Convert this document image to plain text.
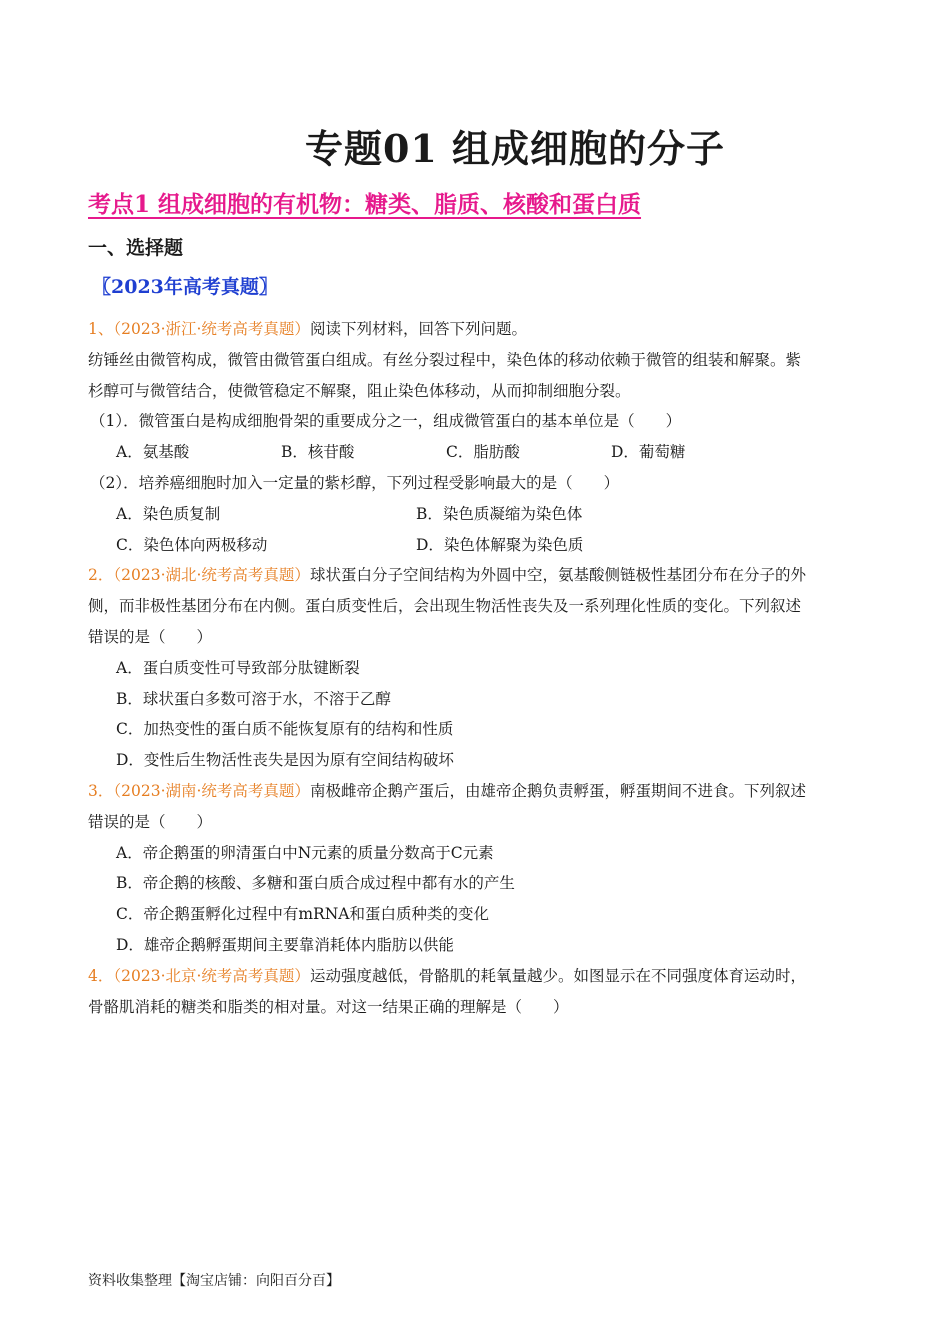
专题01 组成细胞的分子
考点1 组成细胞的有机物：糖类、脂质、核酸和蛋白质
一、选择题
〖2023年高考真题〗
1、（2023·浙江·统考高考真题）阅读下列材料，回答下列问题。
纺锤丝由微管构成，微管由微管蛋白组成。有丝分裂过程中，染色体的移动依赖于微管的组装和解聚。紫
杉醇可与微管结合，使微管稳定不解聚，阻止染色体移动，从而抑制细胞分裂。
（1）．微管蛋白是构成细胞骨架的重要成分之一，组成微管蛋白的基本单位是（　　）
A．氨基酸	B．核苷酸	C．脂肪酸	D．葡萄糖
（2）．培养癌细胞时加入一定量的紫杉醇，下列过程受影响最大的是（　　）
A．染色质复制	B．染色质凝缩为染色体
C．染色体向两极移动	D．染色体解聚为染色质
2．（2023·湖北·统考高考真题）球状蛋白分子空间结构为外圆中空，氨基酸侧链极性基团分布在分子的外
侧，而非极性基团分布在内侧。蛋白质变性后，会出现生物活性丧失及一系列理化性质的变化。下列叙述
错误的是（　　）
A．蛋白质变性可导致部分肽键断裂
B．球状蛋白多数可溶于水，不溶于乙醇
C．加热变性的蛋白质不能恢复原有的结构和性质
D．变性后生物活性丧失是因为原有空间结构破坏
3．（2023·湖南·统考高考真题）南极雌帝企鹅产蛋后，由雄帝企鹅负责孵蛋，孵蛋期间不进食。下列叙述
错误的是（　　）
A．帝企鹅蛋的卵清蛋白中N元素的质量分数高于C元素
B．帝企鹅的核酸、多糖和蛋白质合成过程中都有水的产生
C．帝企鹅蛋孵化过程中有mRNA和蛋白质种类的变化
D．雄帝企鹅孵蛋期间主要靠消耗体内脂肪以供能
4．（2023·北京·统考高考真题）运动强度越低，骨骼肌的耗氧量越少。如图显示在不同强度体育运动时，
骨骼肌消耗的糖类和脂类的相对量。对这一结果正确的理解是（　　）
资料收集整理【淘宝店铺：向阳百分百】
